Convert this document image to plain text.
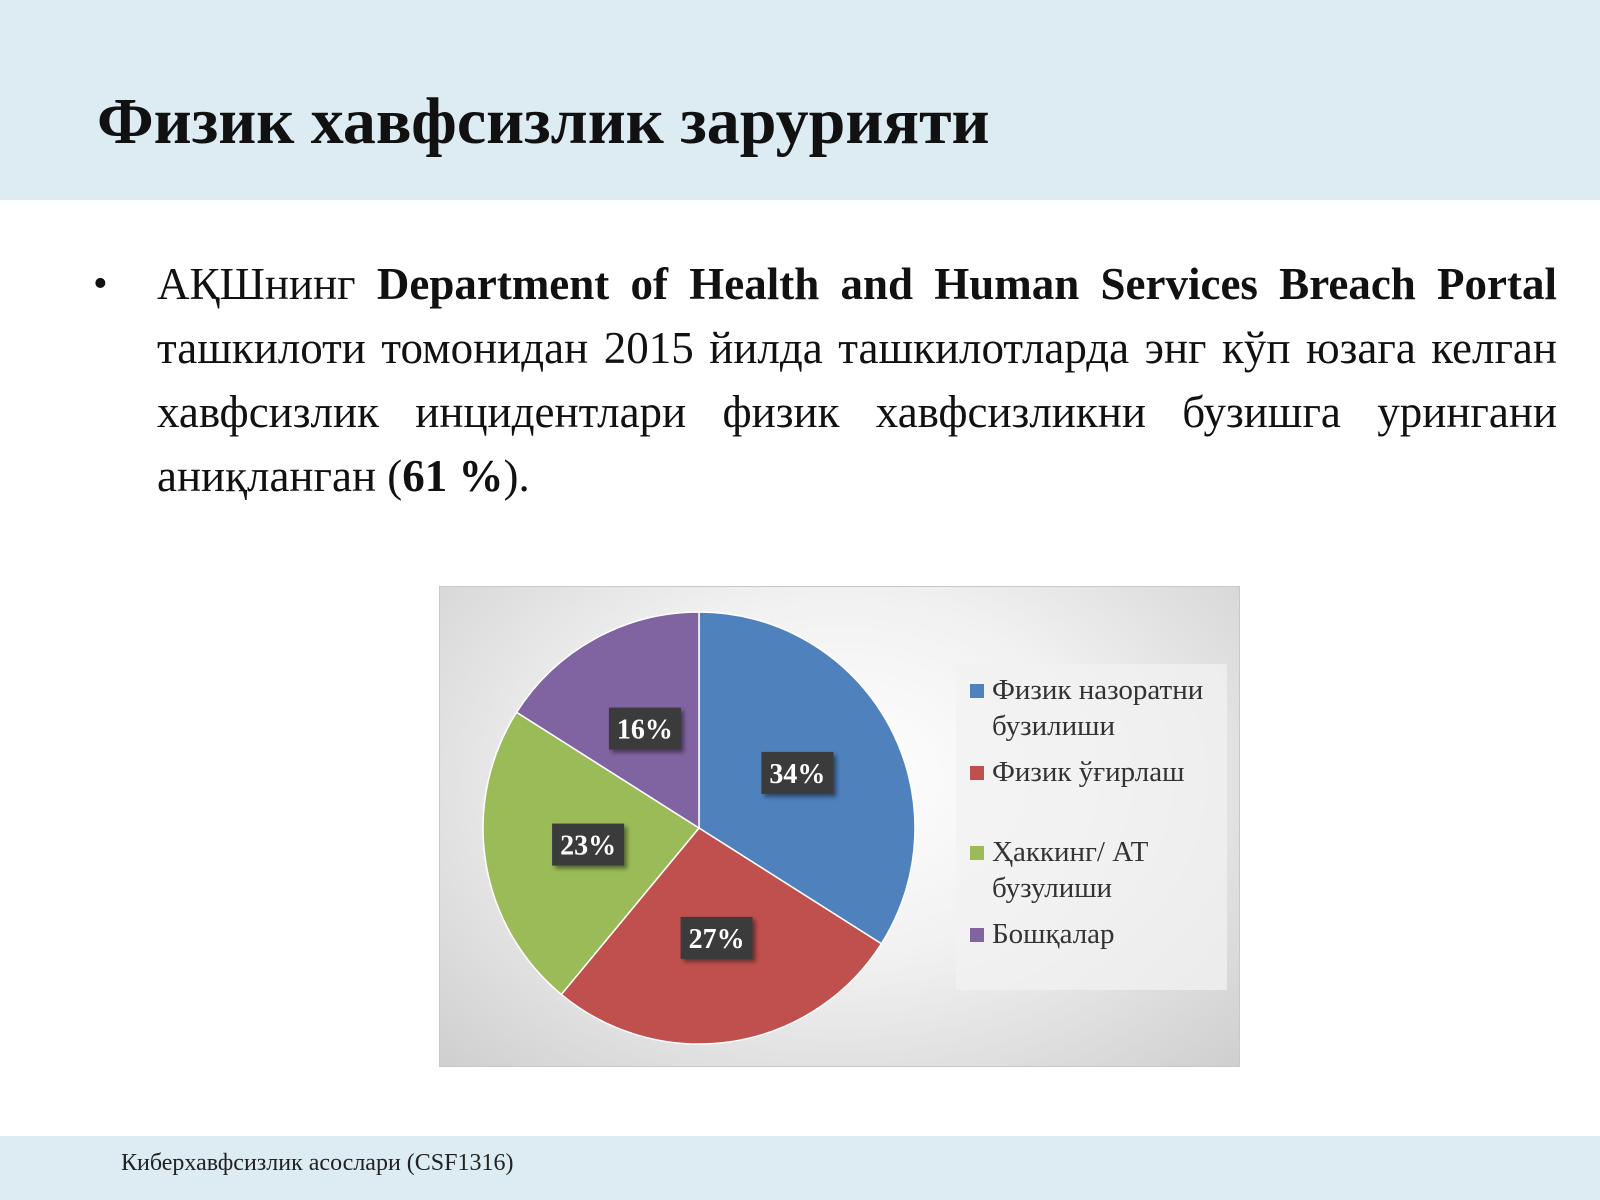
Физик хавфсизлик зарурияти
• АҚШнинг Department of Health and Human Services Breach Portal ташкилоти томонидан 2015 йилда ташкилотларда энг кўп юзага келган хавфсизлик инцидентлари физик хавфсизликни бузишга урингани аниқланган (61 %).
34%
27%
23%
16%
Физик назоратни бузилиши
Физик ўғирлаш
Ҳаккинг/ АТ бузулиши
Бошқалар
Киберхавфсизлик асослари (CSF1316)
